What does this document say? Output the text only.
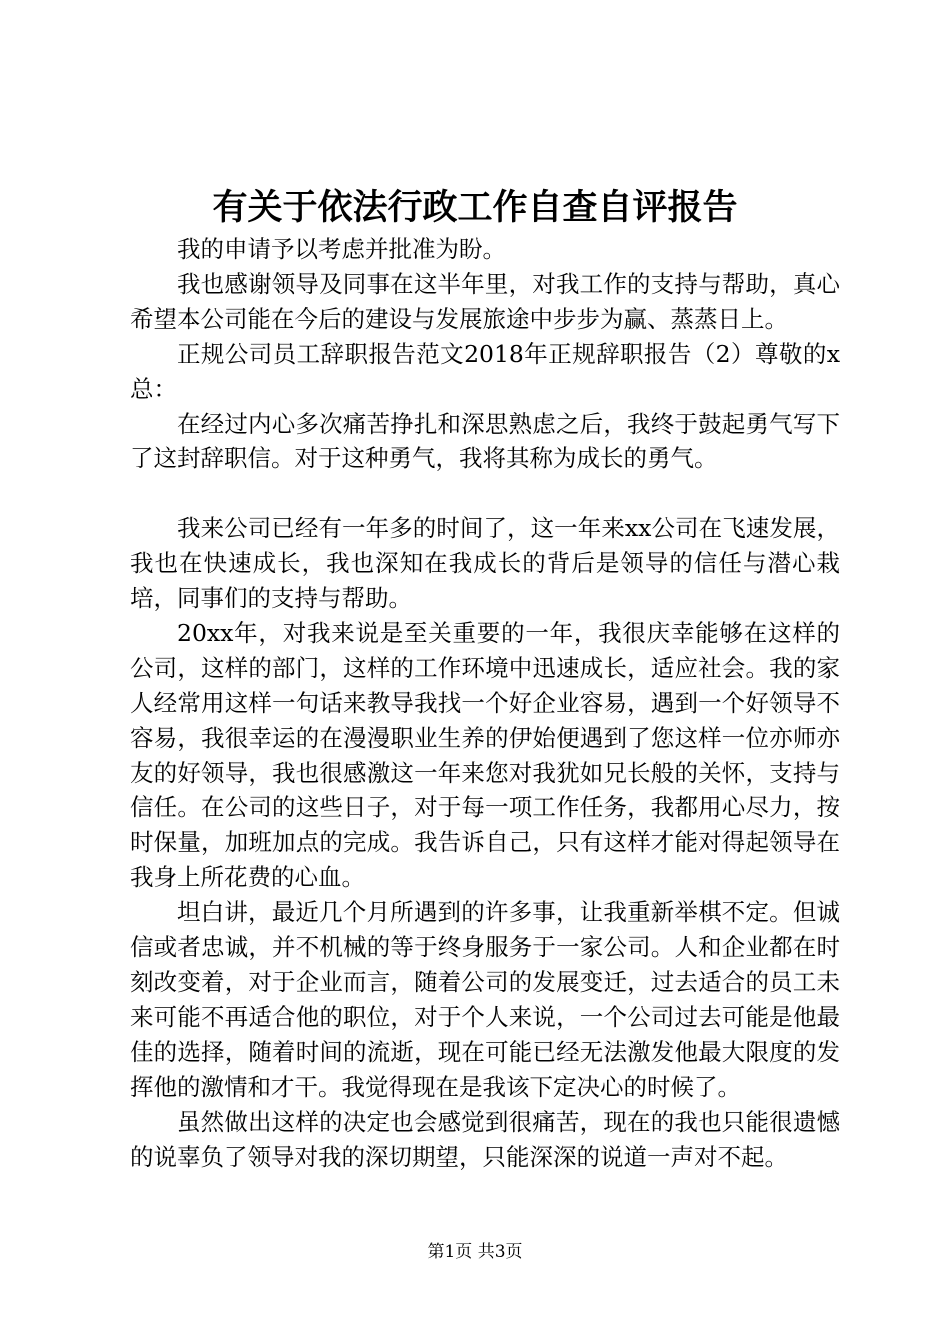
有关于依法行政工作自查自评报告

我的申请予以考虑并批准为盼。

我也感谢领导及同事在这半年里，对我工作的支持与帮助，真心希望本公司能在今后的建设与发展旅途中步步为赢、蒸蒸日上。

正规公司员工辞职报告范文2018年正规辞职报告（2）尊敬的x总：

在经过内心多次痛苦挣扎和深思熟虑之后，我终于鼓起勇气写下了这封辞职信。对于这种勇气，我将其称为成长的勇气。

我来公司已经有一年多的时间了，这一年来xx公司在飞速发展，我也在快速成长，我也深知在我成长的背后是领导的信任与潜心栽培，同事们的支持与帮助。

20xx年，对我来说是至关重要的一年，我很庆幸能够在这样的公司，这样的部门，这样的工作环境中迅速成长，适应社会。我的家人经常用这样一句话来教导我找一个好企业容易，遇到一个好领导不容易，我很幸运的在漫漫职业生养的伊始便遇到了您这样一位亦师亦友的好领导，我也很感激这一年来您对我犹如兄长般的关怀，支持与信任。在公司的这些日子，对于每一项工作任务，我都用心尽力，按时保量，加班加点的完成。我告诉自己，只有这样才能对得起领导在我身上所花费的心血。

坦白讲，最近几个月所遇到的许多事，让我重新举棋不定。但诚信或者忠诚，并不机械的等于终身服务于一家公司。人和企业都在时刻改变着，对于企业而言，随着公司的发展变迁，过去适合的员工未来可能不再适合他的职位，对于个人来说，一个公司过去可能是他最佳的选择，随着时间的流逝，现在可能已经无法激发他最大限度的发挥他的激情和才干。我觉得现在是我该下定决心的时候了。

虽然做出这样的决定也会感觉到很痛苦，现在的我也只能很遗憾的说辜负了领导对我的深切期望，只能深深的说道一声对不起。

第1页 共3页
